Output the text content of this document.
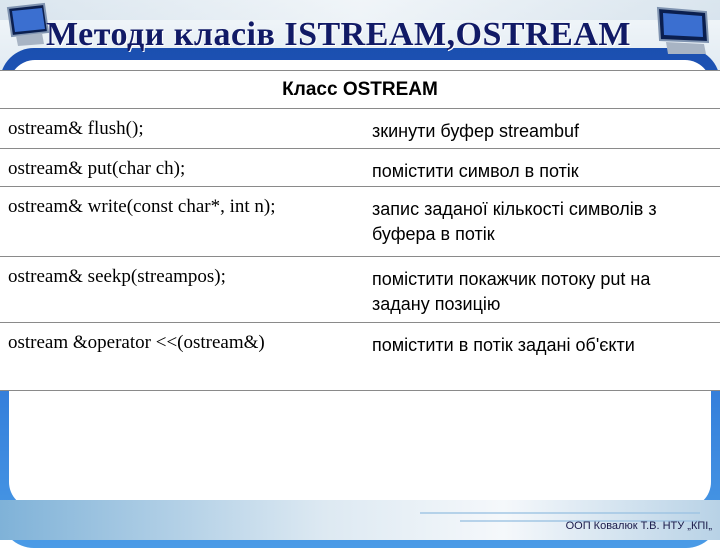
Методи класів ISTREAM,OSTREAM
Класс OSTREAM	
ostream& flush();	зкинути буфер streambuf
ostream& put(char ch);	помістити символ в потік
ostream& write(const char*, int n);	запис заданої кількості символів з буфера в потік
ostream& seekp(streampos);	помістити покажчик потоку put на задану позицію
ostream &operator <<(ostream&)	помістити в потік задані об'єкти
ООП Ковалюк Т.В. НТУ „КПІ„
